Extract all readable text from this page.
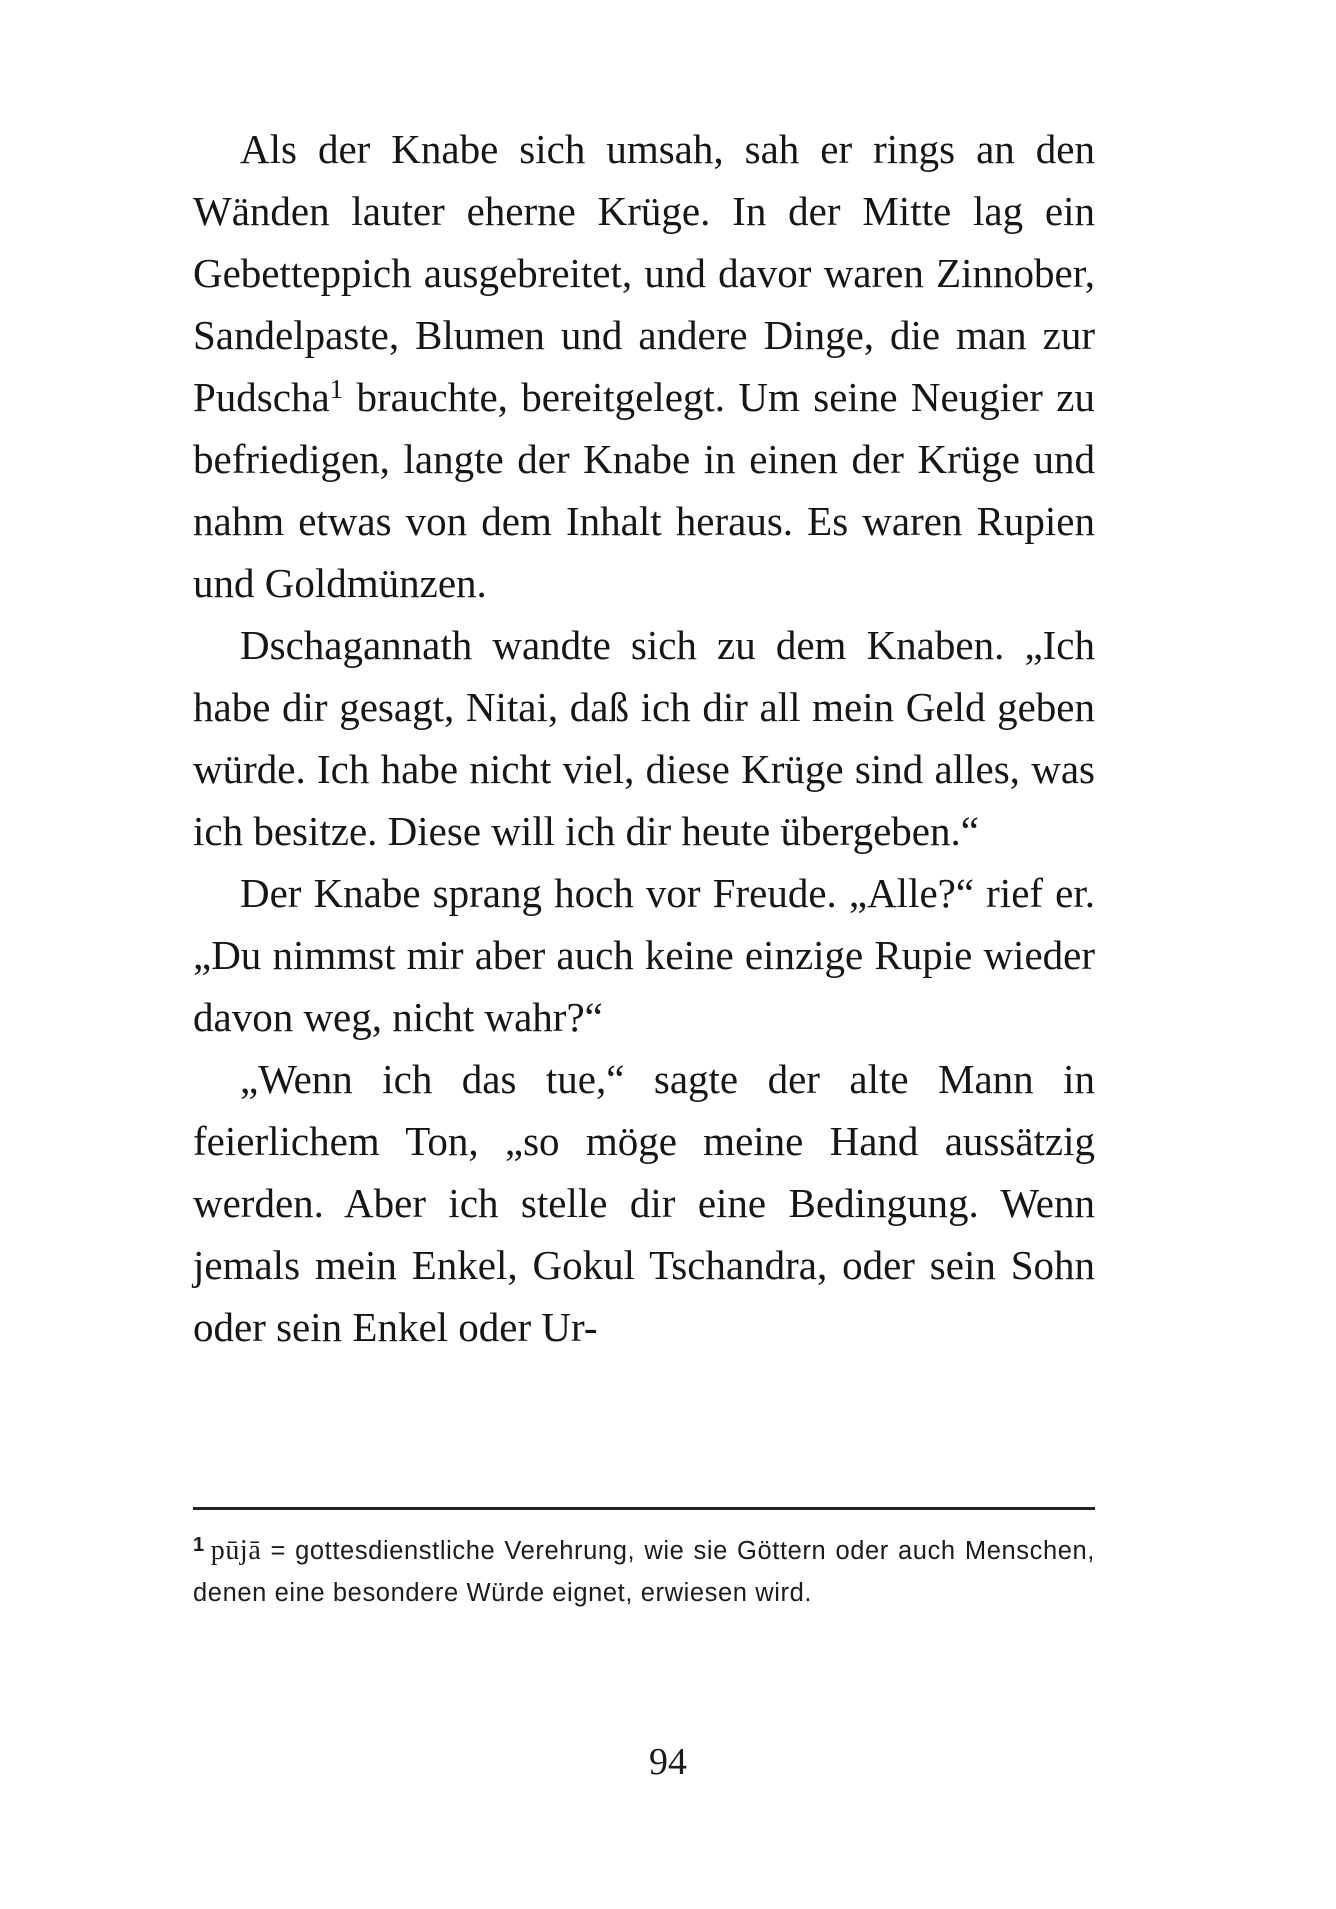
Als der Knabe sich umsah, sah er rings an den Wänden lauter eherne Krüge. In der Mitte lag ein Gebetteppich ausgebreitet, und davor waren Zinnober, Sandelpaste, Blumen und andere Dinge, die man zur Pudscha$^1$ brauchte, bereitgelegt. Um seine Neugier zu befriedigen, langte der Knabe in einen der Krüge und nahm etwas von dem Inhalt heraus. Es waren Rupien und Goldmünzen.

Dschagannath wandte sich zu dem Knaben. „Ich habe dir gesagt, Nitai, daß ich dir all mein Geld geben würde. Ich habe nicht viel, diese Krüge sind alles, was ich besitze. Diese will ich dir heute übergeben.“

Der Knabe sprang hoch vor Freude. „Alle?“ rief er. „Du nimmst mir aber auch keine einzige Rupie wieder davon weg, nicht wahr?“

„Wenn ich das tue,“ sagte der alte Mann in feierlichem Ton, „so möge meine Hand aussätzig werden. Aber ich stelle dir eine Bedingung. Wenn jemals mein Enkel, Gokul Tschandra, oder sein Sohn oder sein Enkel oder Ur-

$^1$ pūjā = gottesdienstliche Verehrung, wie sie Göttern oder auch Menschen, denen eine besondere Würde eignet, erwiesen wird.
94
